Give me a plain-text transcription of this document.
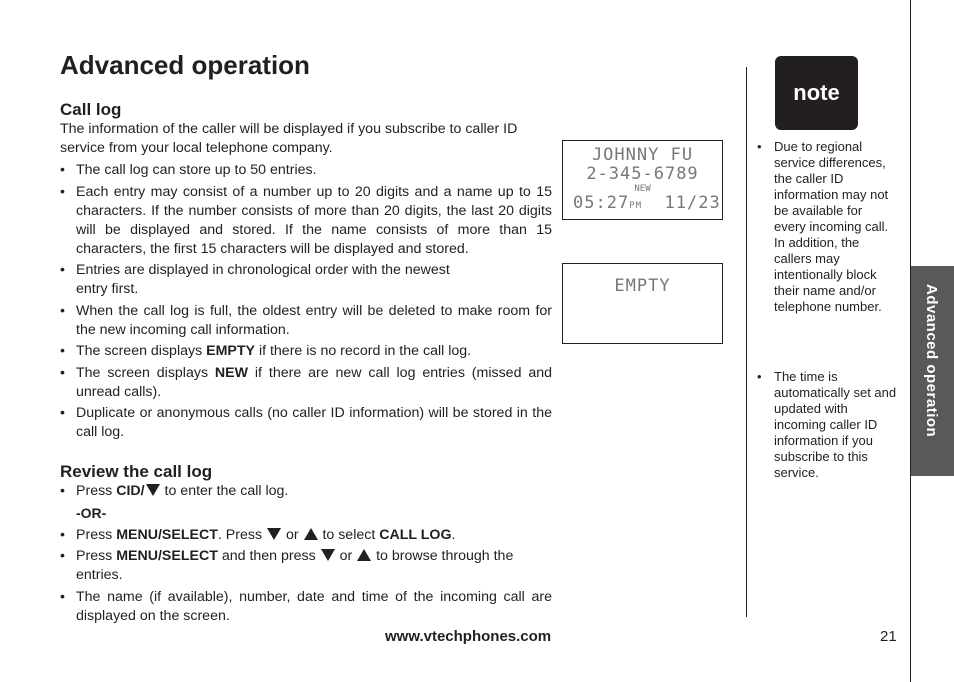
Advanced operation
Call log
The information of the caller will be displayed if you subscribe to caller ID service from your local telephone company.
• The call log can store up to 50 entries.
• Each entry may consist of a number up to 20 digits and a name up to 15 characters. If the number consists of more than 20 digits, the last 20 digits will be displayed and stored. If the name consists of more than 15 characters, the first 15 characters will be displayed and stored.
• Entries are displayed in chronological order with the newest
entry first.
• When the call log is full, the oldest entry will be deleted to make room for the new incoming call information.
• The screen displays EMPTY if there is no record in the call log.
• The screen displays NEW if there are new call log entries (missed and unread calls).
• Duplicate or anonymous calls (no caller ID information) will be stored in the call log.
Review the call log
• Press CID/ to enter the call log.
-OR-
• Press MENU/SELECT. Press  or  to select CALL LOG.
• Press MENU/SELECT and then press  or  to browse through the entries.
• The name (if available), number, date and time of the incoming call are displayed on the screen.
JOHNNY FU
2-345-6789
NEW
05:27PM 11/23
EMPTY	Advanced operation
note
• Due to regional service differences, the caller ID information may not be available for every incoming call. In addition, the callers may intentionally block their name and/or telephone number.
• The time is automatically set and updated with incoming caller ID information if you subscribe to this service.
www.vtechphones.com	21
